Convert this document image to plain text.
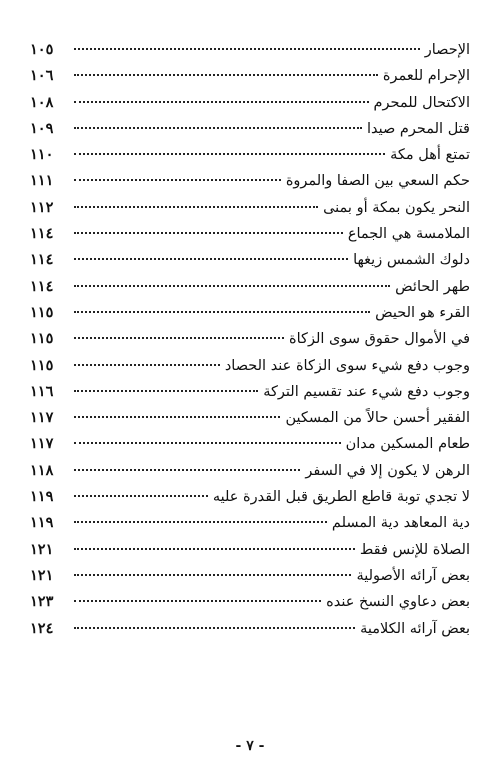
الإحصار
١٠٥
الإحرام للعمرة
١٠٦
الاكتحال للمحرم
١٠٨
قتل المحرم صيدا
١٠٩
تمتع أهل مكة
١١٠
حكم السعي بين الصفا والمروة
١١١
النحر يكون بمكة أو بمنى
١١٢
الملامسة هي الجماع
١١٤
دلوك الشمس زيغها
١١٤
طهر الحائض
١١٤
القرء هو الحيض
١١٥
في الأموال حقوق سوى الزكاة
١١٥
وجوب دفع شيء سوى الزكاة عند الحصاد
١١٥
وجوب دفع شيء عند تقسيم التركة
١١٦
الفقير أحسن حالاً من المسكين
١١٧
طعام المسكين مدان
١١٧
الرهن لا يكون إلا في السفر
١١٨
لا تجدي توبة قاطع الطريق قبل القدرة عليه
١١٩
دية المعاهد دية المسلم
١١٩
الصلاة للإنس فقط
١٢١
بعض آرائه الأصولية
١٢١
بعض دعاوي النسخ عنده
١٢٣
بعض آرائه الكلامية
١٢٤
- ٧ -
